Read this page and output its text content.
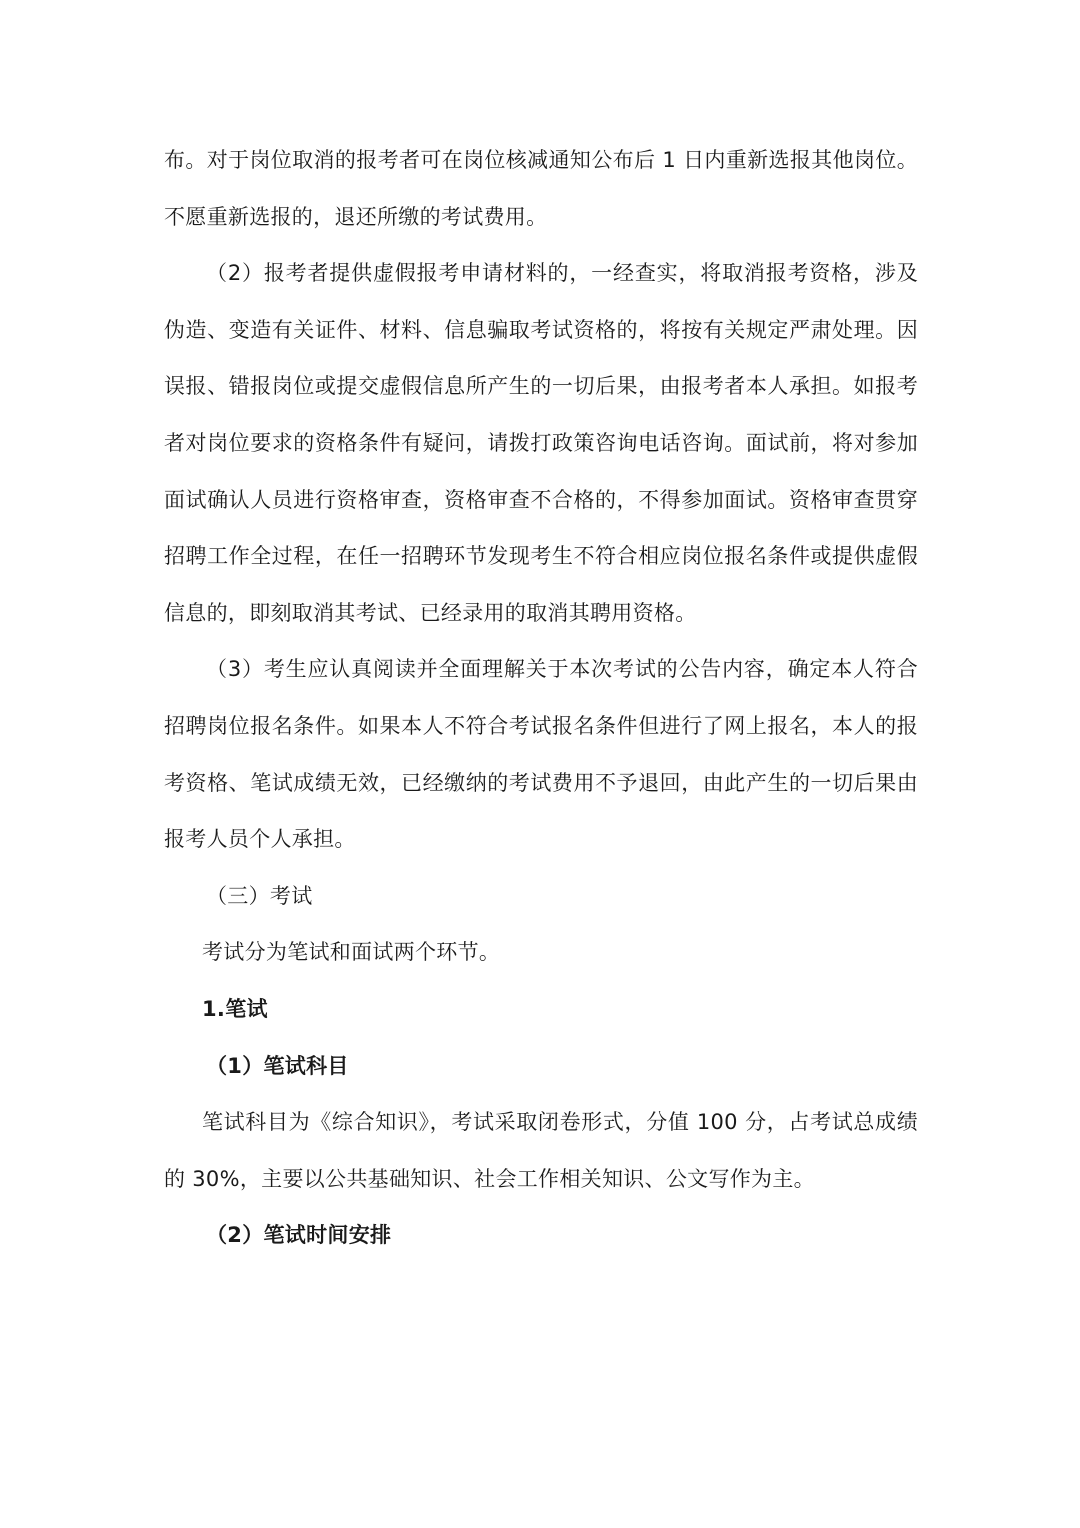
布。对于岗位取消的报考者可在岗位核减通知公布后 1 日内重新选报其他岗位。不愿重新选报的，退还所缴的考试费用。

（2）报考者提供虚假报考申请材料的，一经查实，将取消报考资格，涉及伪造、变造有关证件、材料、信息骗取考试资格的，将按有关规定严肃处理。因误报、错报岗位或提交虚假信息所产生的一切后果，由报考者本人承担。如报考者对岗位要求的资格条件有疑问，请拨打政策咨询电话咨询。面试前，将对参加面试确认人员进行资格审查，资格审查不合格的，不得参加面试。资格审查贯穿招聘工作全过程，在任一招聘环节发现考生不符合相应岗位报名条件或提供虚假信息的，即刻取消其考试、已经录用的取消其聘用资格。

（3）考生应认真阅读并全面理解关于本次考试的公告内容，确定本人符合招聘岗位报名条件。如果本人不符合考试报名条件但进行了网上报名，本人的报考资格、笔试成绩无效，已经缴纳的考试费用不予退回，由此产生的一切后果由报考人员个人承担。

（三）考试

考试分为笔试和面试两个环节。

1.笔试

（1）笔试科目

笔试科目为《综合知识》，考试采取闭卷形式，分值 100 分，占考试总成绩的 30%，主要以公共基础知识、社会工作相关知识、公文写作为主。

（2）笔试时间安排
